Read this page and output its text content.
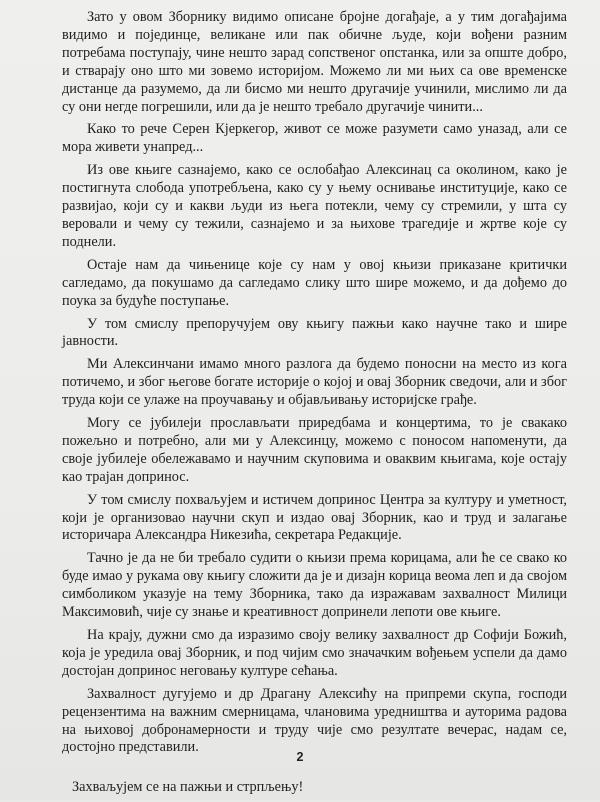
Зато у овом Зборнику видимо описане бројне догађаје, а у тим догађајима видимо и појединце, великане или пак обичне људе, који вођени разним потребама поступају, чине нешто зарад сопственог опстанка, или за опште добро, и стварају оно што ми зовемо историјом. Можемо ли ми њих са ове временске дистанце да разумемо, да ли бисмо ми нешто другачије учинили, мислимо ли да су они негде погрешили, или да је нешто требало другачије чинити...

Како то рече Серен Кјеркегор, живот се може разумети само уназад, али се мора живети унапред...

Из ове књиге сазнајемо, како се ослобађао Алексинац са околином, како је постигнута слобода употребљена, како су у њему оснивање институције, како се развијао, који су и какви људи из њега потекли, чему су стремили, у шта су веровали и чему су тежили, сазнајемо и за њихове трагедије и жртве које су поднели.

Остаје нам да чињенице које су нам у овој књизи приказане критички сагледамо, да покушамо да сагледамо слику што шире можемо, и да дођемо до поука за будуће поступање.

У том смислу препоручујем ову књигу пажњи како научне тако и шире јавности.

Ми Алексинчани имамо много разлога да будемо поносни на место из кога потичемо, и због његове богате историје о којој и овај Зборник сведочи, али и због труда који се улаже на проучавању и објављивању историјске грађе.

Могу се јубилеји прослављати приредбама и концертима, то је свакако пожељно и потребно, али ми у Алексинцу, можемо с поносом напоменути, да своје јубилеје обележавамо и научним скуповима и оваквим књигама, које остају као трајан допринос.

У том смислу похваљујем и истичем допринос Центра за културу и уметност, који је организовао научни скуп и издао овај Зборник, као и труд и залагање историчара Александра Никезића, секретара Редакције.

Тачно је да не би требало судити о књизи према корицама, али ће се свако ко буде имао у рукама ову књигу сложити да је и дизајн корица веома леп и да својом симболиком указује на тему Зборника, тако да изражавам захвалност Милици Максимовић, чије су знање и креативност допринели лепоти ове књиге.

На крају, дужни смо да изразимо своју велику захвалност др Софији Божић, која је уредила овај Зборник, и под чијим смо значачким вођењем успели да дамо достојан допринос неговању културе сећања.

Захвалност дугујемо и др Драгану Алексићу на припреми скупа, господи рецензентима на важним смерницама, члановима уредништва и ауторима радова на њиховој добронамерности и труду чије смо резултате вечерас, надам се, достојно представили.

Захваљујем се на пажњи и стрпљењу!

2
